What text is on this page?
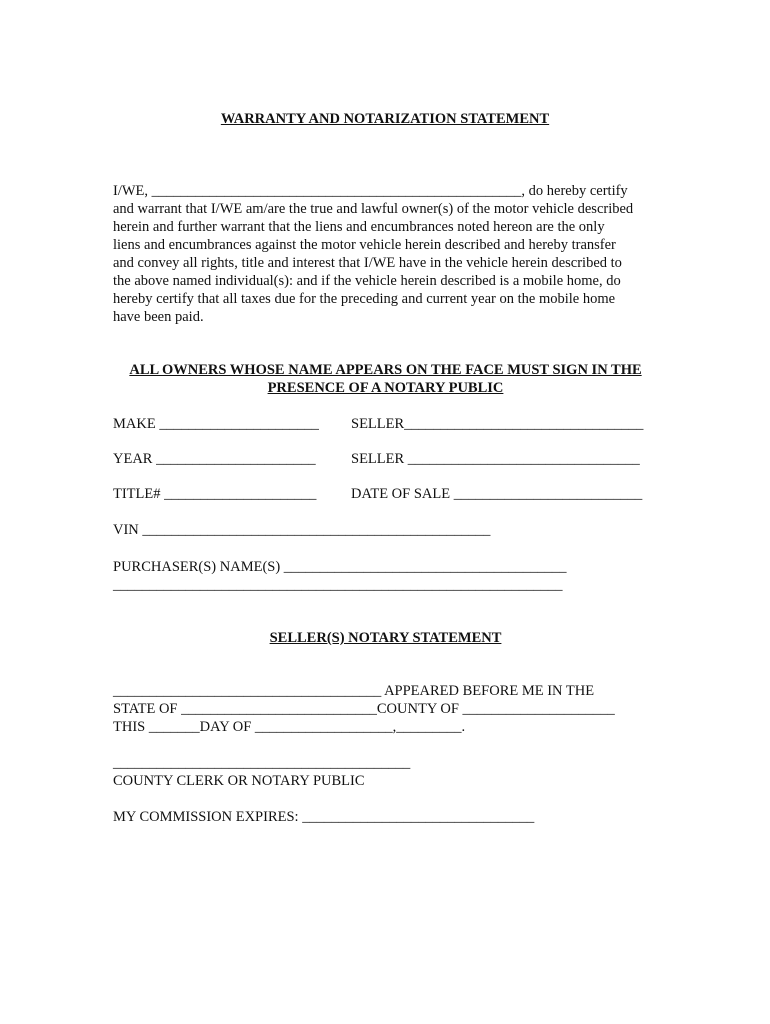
WARRANTY AND NOTARIZATION STATEMENT
I/WE, ___________________________________________________, do hereby certify
and warrant that I/WE am/are the true and lawful owner(s) of the motor vehicle described
herein and further warrant that the liens and encumbrances noted hereon are the only
liens and encumbrances against the motor vehicle herein described and hereby transfer
and convey all rights, title and interest that I/WE have in the vehicle herein described to
the above named individual(s): and if the vehicle herein described is a mobile home, do
hereby certify that all taxes due for the preceding and current year on the mobile home
have been paid.
ALL OWNERS WHOSE NAME APPEARS ON THE FACE MUST SIGN IN THE
PRESENCE OF A NOTARY PUBLIC
MAKE ______________________ SELLER_________________________________
YEAR ______________________ SELLER ________________________________
TITLE# _____________________ DATE OF SALE __________________________
VIN ________________________________________________
PURCHASER(S) NAME(S) _______________________________________
______________________________________________________________
SELLER(S) NOTARY STATEMENT
_____________________________________ APPEARED BEFORE ME IN THE
STATE OF ___________________________COUNTY OF _____________________
THIS _______DAY OF ___________________,_________.
_________________________________________
COUNTY CLERK OR NOTARY PUBLIC
MY COMMISSION EXPIRES: ________________________________
